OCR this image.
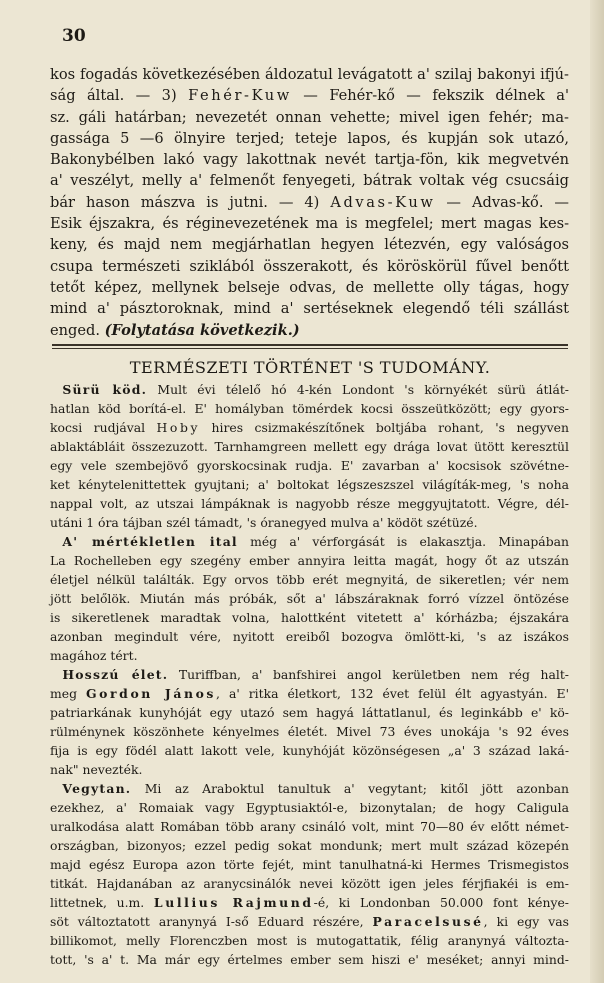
30

kos fogadás következésében áldozatul levágatott a' szilaj bakonyi ifjú-

ság által. — 3) Fehér-Kuw — Fehér-kő — fekszik délnek a'

sz. gáli határban; nevezetét onnan vehette; mivel igen fehér; ma-

gassága 5 —6 ölnyire terjed; teteje lapos, és kupján sok utazó,

Bakonybélben lakó vagy lakottnak nevét tartja-fön, kik megvetvén

a' veszélyt, melly a' felmenőt fenyegeti, bátrak voltak vég csucsáig

bár hason mászva is jutni. — 4) Advas-Kuw — Advas-kő. —

Esik éjszakra, és réginevezetének ma is megfelel; mert magas kes-

keny, és majd nem megjárhatlan hegyen létezvén, egy valóságos

csupa természeti sziklából összerakott, és köröskörül fűvel benőtt

tetőt képez, mellynek belseje odvas, de mellette olly tágas, hogy

mind a' pásztoroknak, mind a' sertéseknek elegendő téli szállást

enged. (Folytatása következik.)

TERMÉSZETI TÖRTÉNET 'S TUDOMÁNY.

 Sürü köd. Mult évi télelő hó 4-kén Londont 's környékét sürü átlát-

hatlan köd borítá-el. E' homályban tömérdek kocsi összeütközött; egy gyors-

kocsi rudjával Hoby hires csizmakészítőnek boltjába rohant, 's negyven

ablaktábláit összezuzott. Tarnhamgreen mellett egy drága lovat ütött keresztül

egy vele szembejövő gyorskocsinak rudja. E' zavarban a' kocsisok szövétne-

ket kénytelenittettek gyujtani; a' boltokat légszeszszel világíták-meg, 's noha

nappal volt, az utszai lámpáknak is nagyobb része meggyujtatott. Végre, dél-

utáni 1 óra tájban szél támadt, 's óranegyed mulva a' ködöt szétüzé.

 A' mértékletlen ital még a' vérforgását is elakasztja. Minapában

La Rochelleben egy szegény ember annyira leitta magát, hogy őt az utszán

életjel nélkül találták. Egy orvos több erét megnyitá, de sikeretlen; vér nem

jött belőlök. Miután más próbák, sőt a' lábszáraknak forró vízzel öntözése

is sikeretlenek maradtak volna, halottként vitetett a' kórházba; éjszakára

azonban megindult vére, nyitott ereiből bozogva ömlött-ki, 's az iszákos

magához tért.

 Hosszú élet. Turiffban, a' banfshirei angol kerületben nem rég halt-

meg Gordon János, a' ritka életkort, 132 évet felül élt agyastyán. E'

patriarkának kunyhóját egy utazó sem hagyá láttatlanul, és leginkább e' kö-

rülménynek köszönhete kényelmes életét. Mivel 73 éves unokája 's 92 éves

fija is egy födél alatt lakott vele, kunyhóját közönségesen „a' 3 század laká-

nak" nevezték.

 Vegytan. Mi az Araboktul tanultuk a' vegytant; kitől jött azonban

ezekhez, a' Romaiak vagy Egyptusiaktól-e, bizonytalan; de hogy Caligula

uralkodása alatt Romában több arany csináló volt, mint 70—80 év előtt német-

országban, bizonyos; ezzel pedig sokat mondunk; mert mult század közepén

majd egész Europa azon törte fejét, mint tanulhatná-ki Hermes Trismegistos

titkát. Hajdanában az aranycsinálók nevei között igen jeles férjfiakéi is em-

littetnek, u.m. Lullius Rajmund-é, ki Londonban 50.000 font kénye-

söt változtatott aranynyá I-ső Eduard részére, Paracelsusé, ki egy vas

billikomot, melly Florenczben most is mutogattatik, félig aranynyá változta-

tott, 's a' t. Ma már egy értelmes ember sem hiszi e' meséket; annyi mind-
